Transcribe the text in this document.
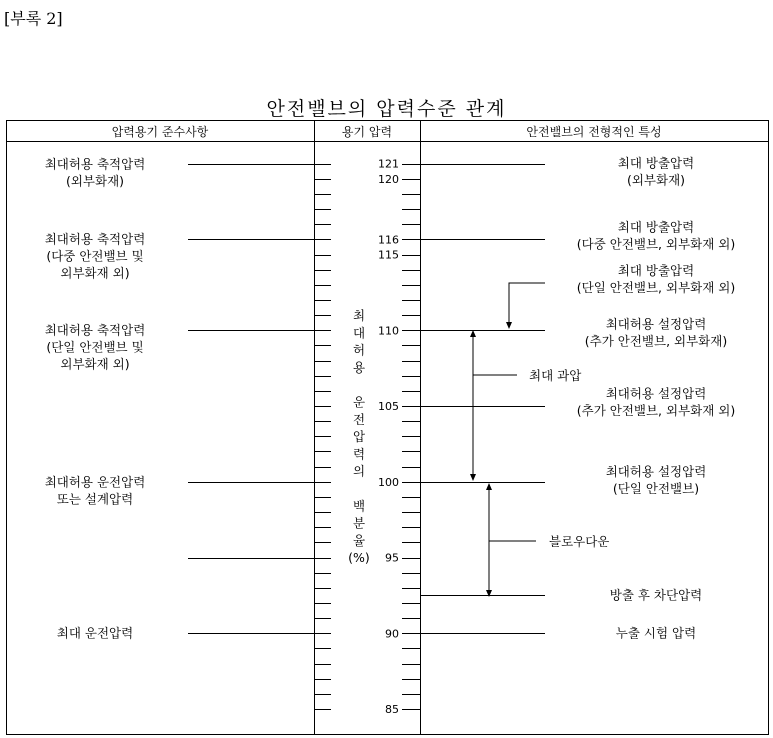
[부록 2]
안전밸브의 압력수준 관계
압력용기 준수사항	용기 압력	안전밸브의 전형적인 특성
121
120
116
115
110
105
100
95
90
85
최
대
허
용
운
전
압
력
의
백
분
율
(%)
최대허용 축적압력
(외부화재)
최대허용 축적압력
(다중 안전밸브 및
외부화재 외)
최대허용 축적압력
(단일 안전밸브 및
외부화재 외)
최대허용 운전압력
또는 설계압력
최대 운전압력
최대 방출압력
(외부화재)
최대 방출압력
(다중 안전밸브, 외부화재 외)
최대 방출압력
(단일 안전밸브, 외부화재 외)
최대허용 설정압력
(추가 안전밸브, 외부화재)
최대허용 설정압력
(추가 안전밸브, 외부화재 외)
최대허용 설정압력
(단일 안전밸브)
방출 후 차단압력
누출 시험 압력
최대 과압
블로우다운
